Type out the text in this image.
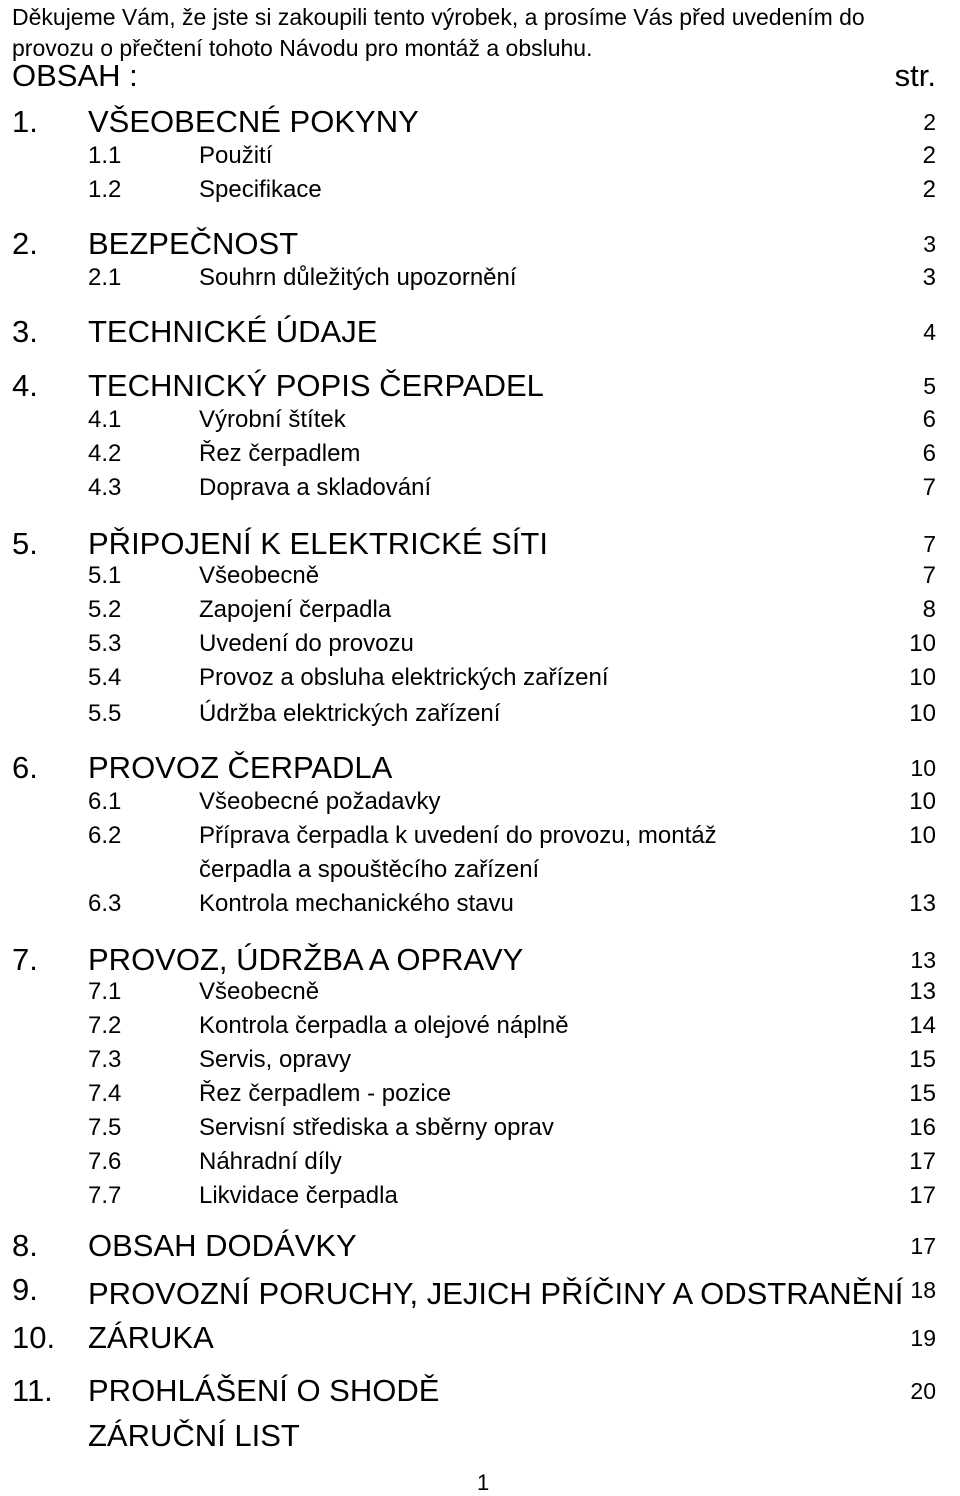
Děkujeme Vám, že jste si zakoupili tento výrobek, a prosíme Vás před uvedením do provozu o přečtení tohoto Návodu pro montáž a obsluhu.

OBSAH :	str.
1. VŠEOBECNÉ POKYNY	2
1.1	Použití	2
1.2	Specifikace	2
2. BEZPEČNOST	3
2.1	Souhrn důležitých upozornění	3
3. TECHNICKÉ ÚDAJE	4
4. TECHNICKÝ POPIS ČERPADEL	5
4.1	Výrobní štítek	6
4.2	Řez čerpadlem	6
4.3	Doprava a skladování	7
5. PŘIPOJENÍ K ELEKTRICKÉ SÍTI	7
5.1	Všeobecně	7
5.2	Zapojení čerpadla	8
5.3	Uvedení do provozu	10
5.4	Provoz a obsluha elektrických zařízení	10
5.5	Údržba elektrických zařízení	10
6. PROVOZ ČERPADLA	10
6.1	Všeobecné požadavky	10
6.2	Příprava čerpadla k uvedení do provozu, montáž	10
čerpadla a spouštěcího zařízení
6.3	Kontrola mechanického stavu	13
7. PROVOZ, ÚDRŽBA A OPRAVY	13
7.1	Všeobecně	13
7.2	Kontrola čerpadla a olejové náplně	14
7.3	Servis, opravy	15
7.4	Řez čerpadlem - pozice	15
7.5	Servisní střediska a sběrny oprav	16
7.6	Náhradní díly	17
7.7	Likvidace čerpadla	17
8. OBSAH DODÁVKY	17
9. PROVOZNÍ PORUCHY, JEJICH PŘÍČINY A ODSTRANĚNÍ 18
10. ZÁRUKA	19
11. PROHLÁŠENÍ O SHODĚ	20
ZÁRUČNÍ LIST
1
